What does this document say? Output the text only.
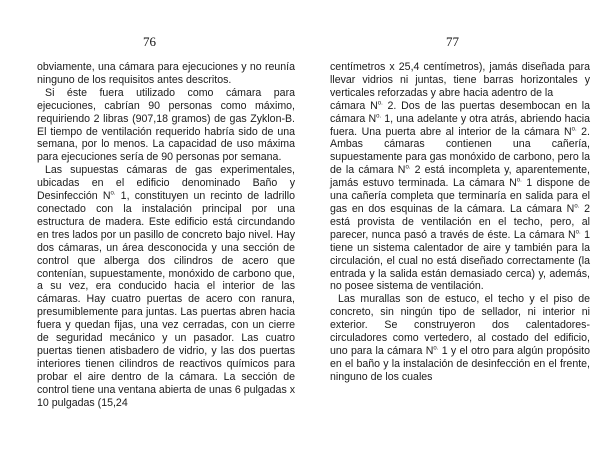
76	77

obviamente, una cámara para ejecuciones y no reunía ninguno de los requisitos antes descritos.

Si éste fuera utilizado como cámara para ejecuciones, cabrían 90 personas como máximo, requiriendo 2 libras (907,18 gramos) de gas Zyklon-B. El tiempo de ventilación requerido habría sido de una semana, por lo menos. La capacidad de uso máxima para ejecuciones sería de 90 personas por semana.

Las supuestas cámaras de gas experimentales, ubicadas en el edificio denominado Baño y Desinfección $N^{o.}$ 1, constituyen un recinto de ladrillo conectado con la instalación principal por una estructura de madera. Este edificio está circundando en tres lados por un pasillo de concreto bajo nivel. Hay dos cámaras, un área desconocida y una sección de control que alberga dos cilindros de acero que contenían, supuestamente, monóxido de carbono que, a su vez, era conducido hacia el interior de las cámaras. Hay cuatro puertas de acero con ranura, presumiblemente para juntas. Las puertas abren hacia fuera y quedan fijas, una vez cerradas, con un cierre de seguridad mecánico y un pasador. Las cuatro puertas tienen atisbadero de vidrio, y las dos puertas interiores tienen cilindros de reactivos químicos para probar el aire dentro de la cámara. La sección de control tiene una ventana abierta de unas 6 pulgadas x 10 pulgadas (15,24

centímetros x 25,4 centímetros), jamás diseñada para llevar vidrios ni juntas, tiene barras horizontales y verticales reforzadas y abre hacia adentro de la

cámara $N^{o.}$ 2. Dos de las puertas desembocan en la cámara $N^{o.}$ 1, una adelante y otra atrás, abriendo hacia fuera. Una puerta abre al interior de la cámara $N^{o.}$ 2. Ambas cámaras contienen una cañería, supuestamente para gas monóxido de carbono, pero la de la cámara $N^{o.}$ 2 está incompleta y, aparentemente, jamás estuvo terminada. La cámara $N^{o.}$ 1 dispone de una cañería completa que terminaría en salida para el gas en dos esquinas de la cámara. La cámara $N^{o.}$ 2 está provista de ventilación en el techo, pero, al parecer, nunca pasó a través de éste. La cámara $N^{o.}$ 1 tiene un sistema calentador de aire y también para la circulación, el cual no está diseñado correctamente (la entrada y la salida están demasiado cerca) y, además, no posee sistema de ventilación.

Las murallas son de estuco, el techo y el piso de concreto, sin ningún tipo de sellador, ni interior ni exterior. Se construyeron dos calentadores-circuladores como vertedero, al costado del edificio, uno para la cámara $N^{o.}$ 1 y el otro para algún propósito en el baño y la instalación de desinfección en el frente, ninguno de los cuales
